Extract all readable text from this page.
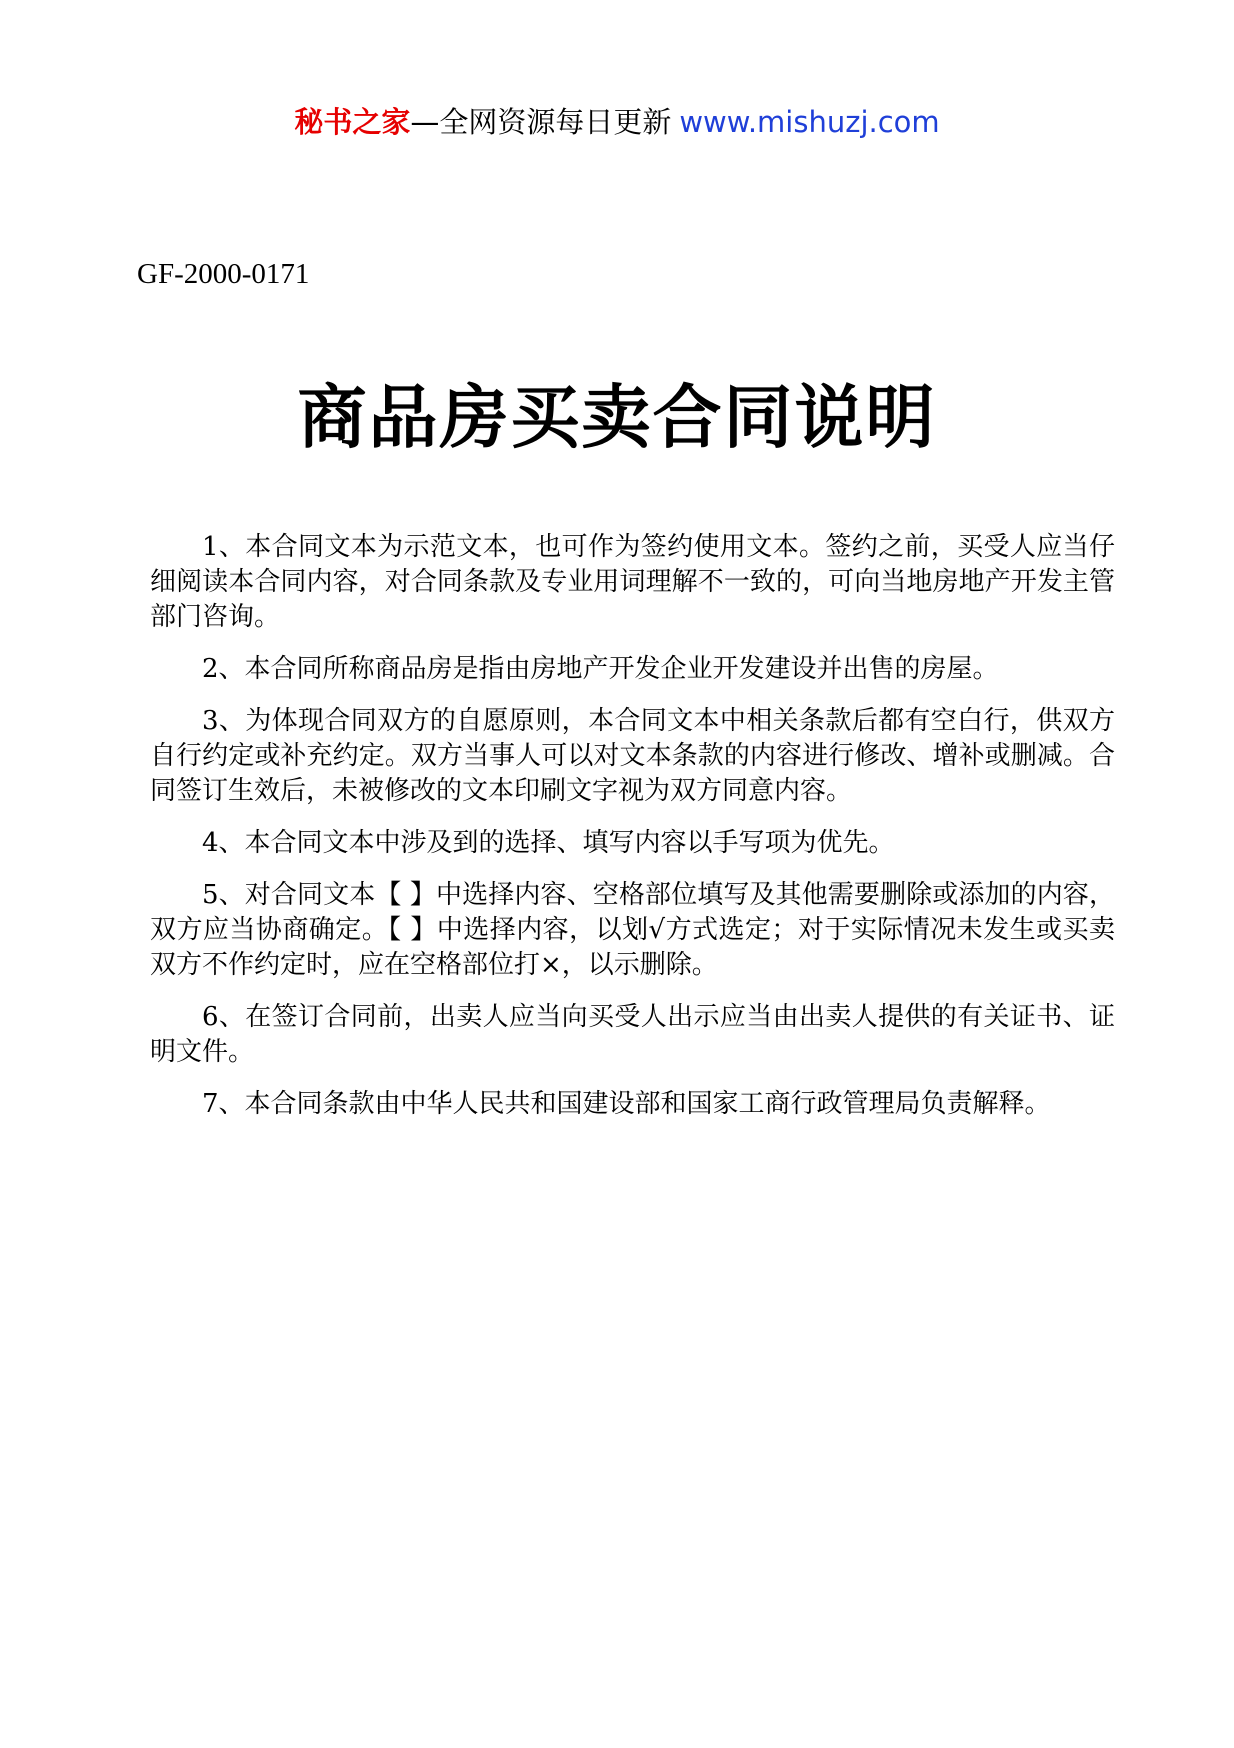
秘书之家—全网资源每日更新 www.mishuzj.com
GF-2000-0171
商品房买卖合同说明

1、本合同文本为示范文本，也可作为签约使用文本。签约之前，买受人应当仔细阅读本合同内容，对合同条款及专业用词理解不一致的，可向当地房地产开发主管部门咨询。

2、本合同所称商品房是指由房地产开发企业开发建设并出售的房屋。

3、为体现合同双方的自愿原则，本合同文本中相关条款后都有空白行，供双方自行约定或补充约定。双方当事人可以对文本条款的内容进行修改、增补或删减。合同签订生效后，未被修改的文本印刷文字视为双方同意内容。

4、本合同文本中涉及到的选择、填写内容以手写项为优先。

5、对合同文本【 】中选择内容、空格部位填写及其他需要删除或添加的内容，双方应当协商确定。【 】中选择内容，以划√方式选定；对于实际情况未发生或买卖双方不作约定时，应在空格部位打×，以示删除。

6、在签订合同前，出卖人应当向买受人出示应当由出卖人提供的有关证书、证明文件。

7、本合同条款由中华人民共和国建设部和国家工商行政管理局负责解释。
